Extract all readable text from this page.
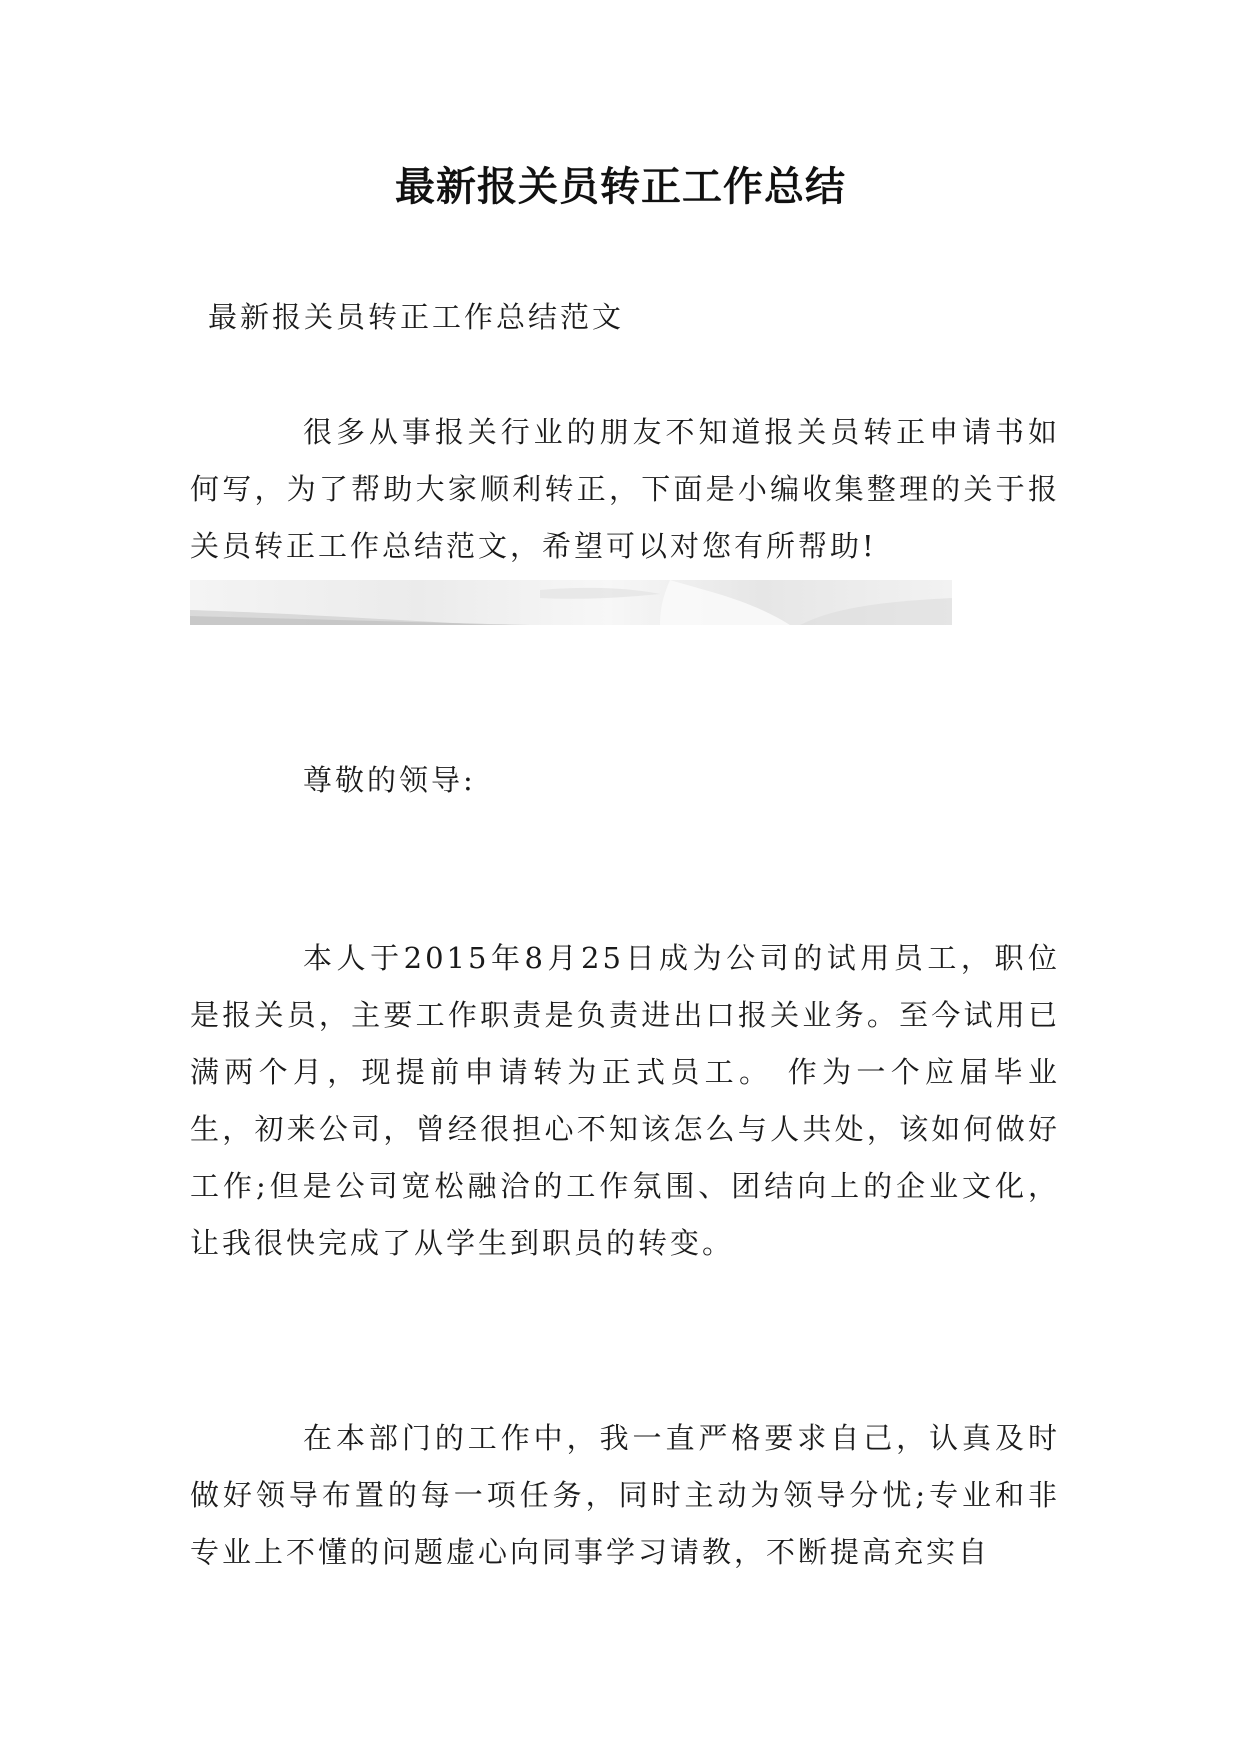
最新报关员转正工作总结
最新报关员转正工作总结范文

很多从事报关行业的朋友不知道报关员转正申请书如何写，为了帮助大家顺利转正，下面是小编收集整理的关于报关员转正工作总结范文，希望可以对您有所帮助!

尊敬的领导:

本人于2015年8月25日成为公司的试用员工，职位是报关员，主要工作职责是负责进出口报关业务。至今试用已满两个月，现提前申请转为正式员工。 作为一个应届毕业生，初来公司，曾经很担心不知该怎么与人共处，该如何做好工作;但是公司宽松融洽的工作氛围、团结向上的企业文化，让我很快完成了从学生到职员的转变。

在本部门的工作中，我一直严格要求自己，认真及时做好领导布置的每一项任务，同时主动为领导分忧;专业和非专业上不懂的问题虚心向同事学习请教，不断提高充实自
